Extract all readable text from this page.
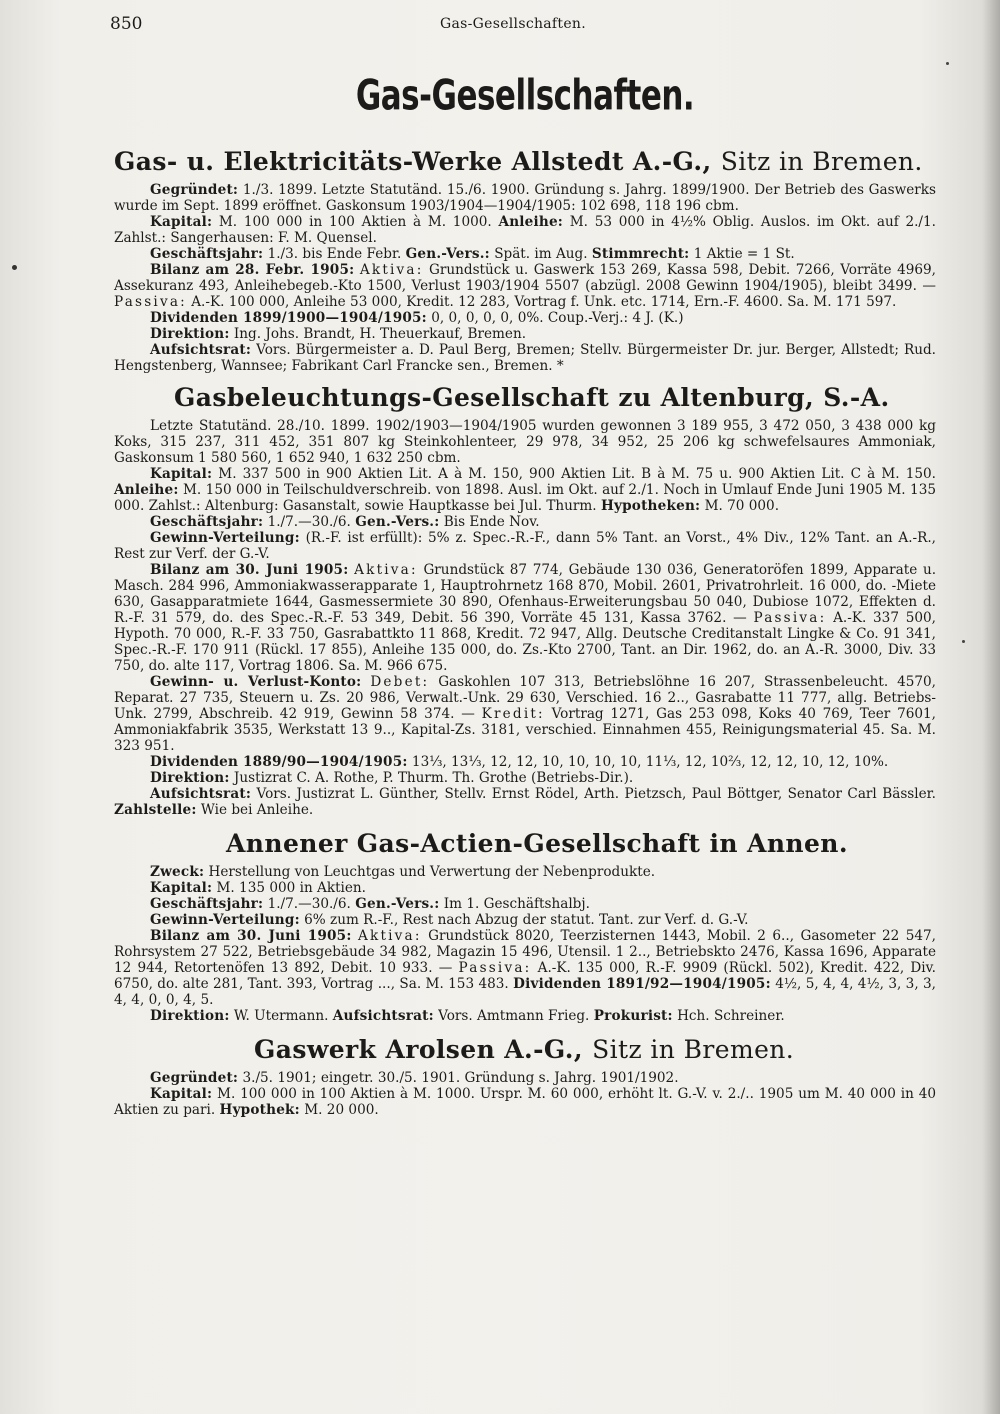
850	Gas-Gesellschaften.
Gas-Gesellschaften.
Gas- u. Elektricitäts-Werke Allstedt A.-G., Sitz in Bremen.

Gegründet: 1./3. 1899. Letzte Statutänd. 15./6. 1900. Gründung s. Jahrg. 1899/1900. Der Betrieb des Gaswerks wurde im Sept. 1899 eröffnet. Gaskonsum 1903/1904—1904/1905: 102 698, 118 196 cbm.

Kapital: M. 100 000 in 100 Aktien à M. 1000. Anleihe: M. 53 000 in 4½% Oblig. Auslos. im Okt. auf 2./1. Zahlst.: Sangerhausen: F. M. Quensel.

Geschäftsjahr: 1./3. bis Ende Febr. Gen.-Vers.: Spät. im Aug. Stimmrecht: 1 Aktie = 1 St.

Bilanz am 28. Febr. 1905: Aktiva: Grundstück u. Gaswerk 153 269, Kassa 598, Debit. 7266, Vorräte 4969, Assekuranz 493, Anleihebegeb.-Kto 1500, Verlust 1903/1904 5507 (abzügl. 2008 Gewinn 1904/1905), bleibt 3499. — Passiva: A.-K. 100 000, Anleihe 53 000, Kredit. 12 283, Vortrag f. Unk. etc. 1714, Ern.-F. 4600. Sa. M. 171 597.

Dividenden 1899/1900—1904/1905: 0, 0, 0, 0, 0, 0%. Coup.-Verj.: 4 J. (K.)

Direktion: Ing. Johs. Brandt, H. Theuerkauf, Bremen.

Aufsichtsrat: Vors. Bürgermeister a. D. Paul Berg, Bremen; Stellv. Bürgermeister Dr. jur. Berger, Allstedt; Rud. Hengstenberg, Wannsee; Fabrikant Carl Francke sen., Bremen. *

Gasbeleuchtungs-Gesellschaft zu Altenburg, S.-A.

Letzte Statutänd. 28./10. 1899. 1902/1903—1904/1905 wurden gewonnen 3 189 955, 3 472 050, 3 438 000 kg Koks, 315 237, 311 452, 351 807 kg Steinkohlenteer, 29 978, 34 952, 25 206 kg schwefelsaures Ammoniak, Gaskonsum 1 580 560, 1 652 940, 1 632 250 cbm.

Kapital: M. 337 500 in 900 Aktien Lit. A à M. 150, 900 Aktien Lit. B à M. 75 u. 900 Aktien Lit. C à M. 150. Anleihe: M. 150 000 in Teilschuldverschreib. von 1898. Ausl. im Okt. auf 2./1. Noch in Umlauf Ende Juni 1905 M. 135 000. Zahlst.: Altenburg: Gasanstalt, sowie Hauptkasse bei Jul. Thurm. Hypotheken: M. 70 000.

Geschäftsjahr: 1./7.—30./6. Gen.-Vers.: Bis Ende Nov.

Gewinn-Verteilung: (R.-F. ist erfüllt): 5% z. Spec.-R.-F., dann 5% Tant. an Vorst., 4% Div., 12% Tant. an A.-R., Rest zur Verf. der G.-V.

Bilanz am 30. Juni 1905: Aktiva: Grundstück 87 774, Gebäude 130 036, Generatoröfen 1899, Apparate u. Masch. 284 996, Ammoniakwasserapparate 1, Hauptrohrnetz 168 870, Mobil. 2601, Privatrohrleit. 16 000, do. -Miete 630, Gasapparatmiete 1644, Gasmessermiete 30 890, Ofenhaus-Erweiterungsbau 50 040, Dubiose 1072, Effekten d. R.-F. 31 579, do. des Spec.-R.-F. 53 349, Debit. 56 390, Vorräte 45 131, Kassa 3762. — Passiva: A.-K. 337 500, Hypoth. 70 000, R.-F. 33 750, Gasrabattkto 11 868, Kredit. 72 947, Allg. Deutsche Creditanstalt Lingke & Co. 91 341, Spec.-R.-F. 170 911 (Rückl. 17 855), Anleihe 135 000, do. Zs.-Kto 2700, Tant. an Dir. 1962, do. an A.-R. 3000, Div. 33 750, do. alte 117, Vortrag 1806. Sa. M. 966 675.

Gewinn- u. Verlust-Konto: Debet: Gaskohlen 107 313, Betriebslöhne 16 207, Strassenbeleucht. 4570, Reparat. 27 735, Steuern u. Zs. 20 986, Verwalt.-Unk. 29 630, Verschied. 16 2.., Gasrabatte 11 777, allg. Betriebs-Unk. 2799, Abschreib. 42 919, Gewinn 58 374. — Kredit: Vortrag 1271, Gas 253 098, Koks 40 769, Teer 7601, Ammoniakfabrik 3535, Werkstatt 13 9.., Kapital-Zs. 3181, verschied. Einnahmen 455, Reinigungsmaterial 45. Sa. M. 323 951.

Dividenden 1889/90—1904/1905: 13⅓, 13⅓, 12, 12, 10, 10, 10, 10, 11⅓, 12, 10⅔, 12, 12, 10, 12, 10%.

Direktion: Justizrat C. A. Rothe, P. Thurm. Th. Grothe (Betriebs-Dir.).

Aufsichtsrat: Vors. Justizrat L. Günther, Stellv. Ernst Rödel, Arth. Pietzsch, Paul Böttger, Senator Carl Bässler. Zahlstelle: Wie bei Anleihe.

Annener Gas-Actien-Gesellschaft in Annen.

Zweck: Herstellung von Leuchtgas und Verwertung der Nebenprodukte.

Kapital: M. 135 000 in Aktien.

Geschäftsjahr: 1./7.—30./6. Gen.-Vers.: Im 1. Geschäftshalbj.

Gewinn-Verteilung: 6% zum R.-F., Rest nach Abzug der statut. Tant. zur Verf. d. G.-V.

Bilanz am 30. Juni 1905: Aktiva: Grundstück 8020, Teerzisternen 1443, Mobil. 2 6.., Gasometer 22 547, Rohrsystem 27 522, Betriebsgebäude 34 982, Magazin 15 496, Utensil. 1 2.., Betriebskto 2476, Kassa 1696, Apparate 12 944, Retortenöfen 13 892, Debit. 10 933. — Passiva: A.-K. 135 000, R.-F. 9909 (Rückl. 502), Kredit. 422, Div. 6750, do. alte 281, Tant. 393, Vortrag ..., Sa. M. 153 483. Dividenden 1891/92—1904/1905: 4½, 5, 4, 4, 4½, 3, 3, 3, 4, 4, 0, 0, 4, 5.

Direktion: W. Utermann. Aufsichtsrat: Vors. Amtmann Frieg. Prokurist: Hch. Schreiner.

Gaswerk Arolsen A.-G., Sitz in Bremen.

Gegründet: 3./5. 1901; eingetr. 30./5. 1901. Gründung s. Jahrg. 1901/1902.

Kapital: M. 100 000 in 100 Aktien à M. 1000. Urspr. M. 60 000, erhöht lt. G.-V. v. 2./.. 1905 um M. 40 000 in 40 Aktien zu pari. Hypothek: M. 20 000.
